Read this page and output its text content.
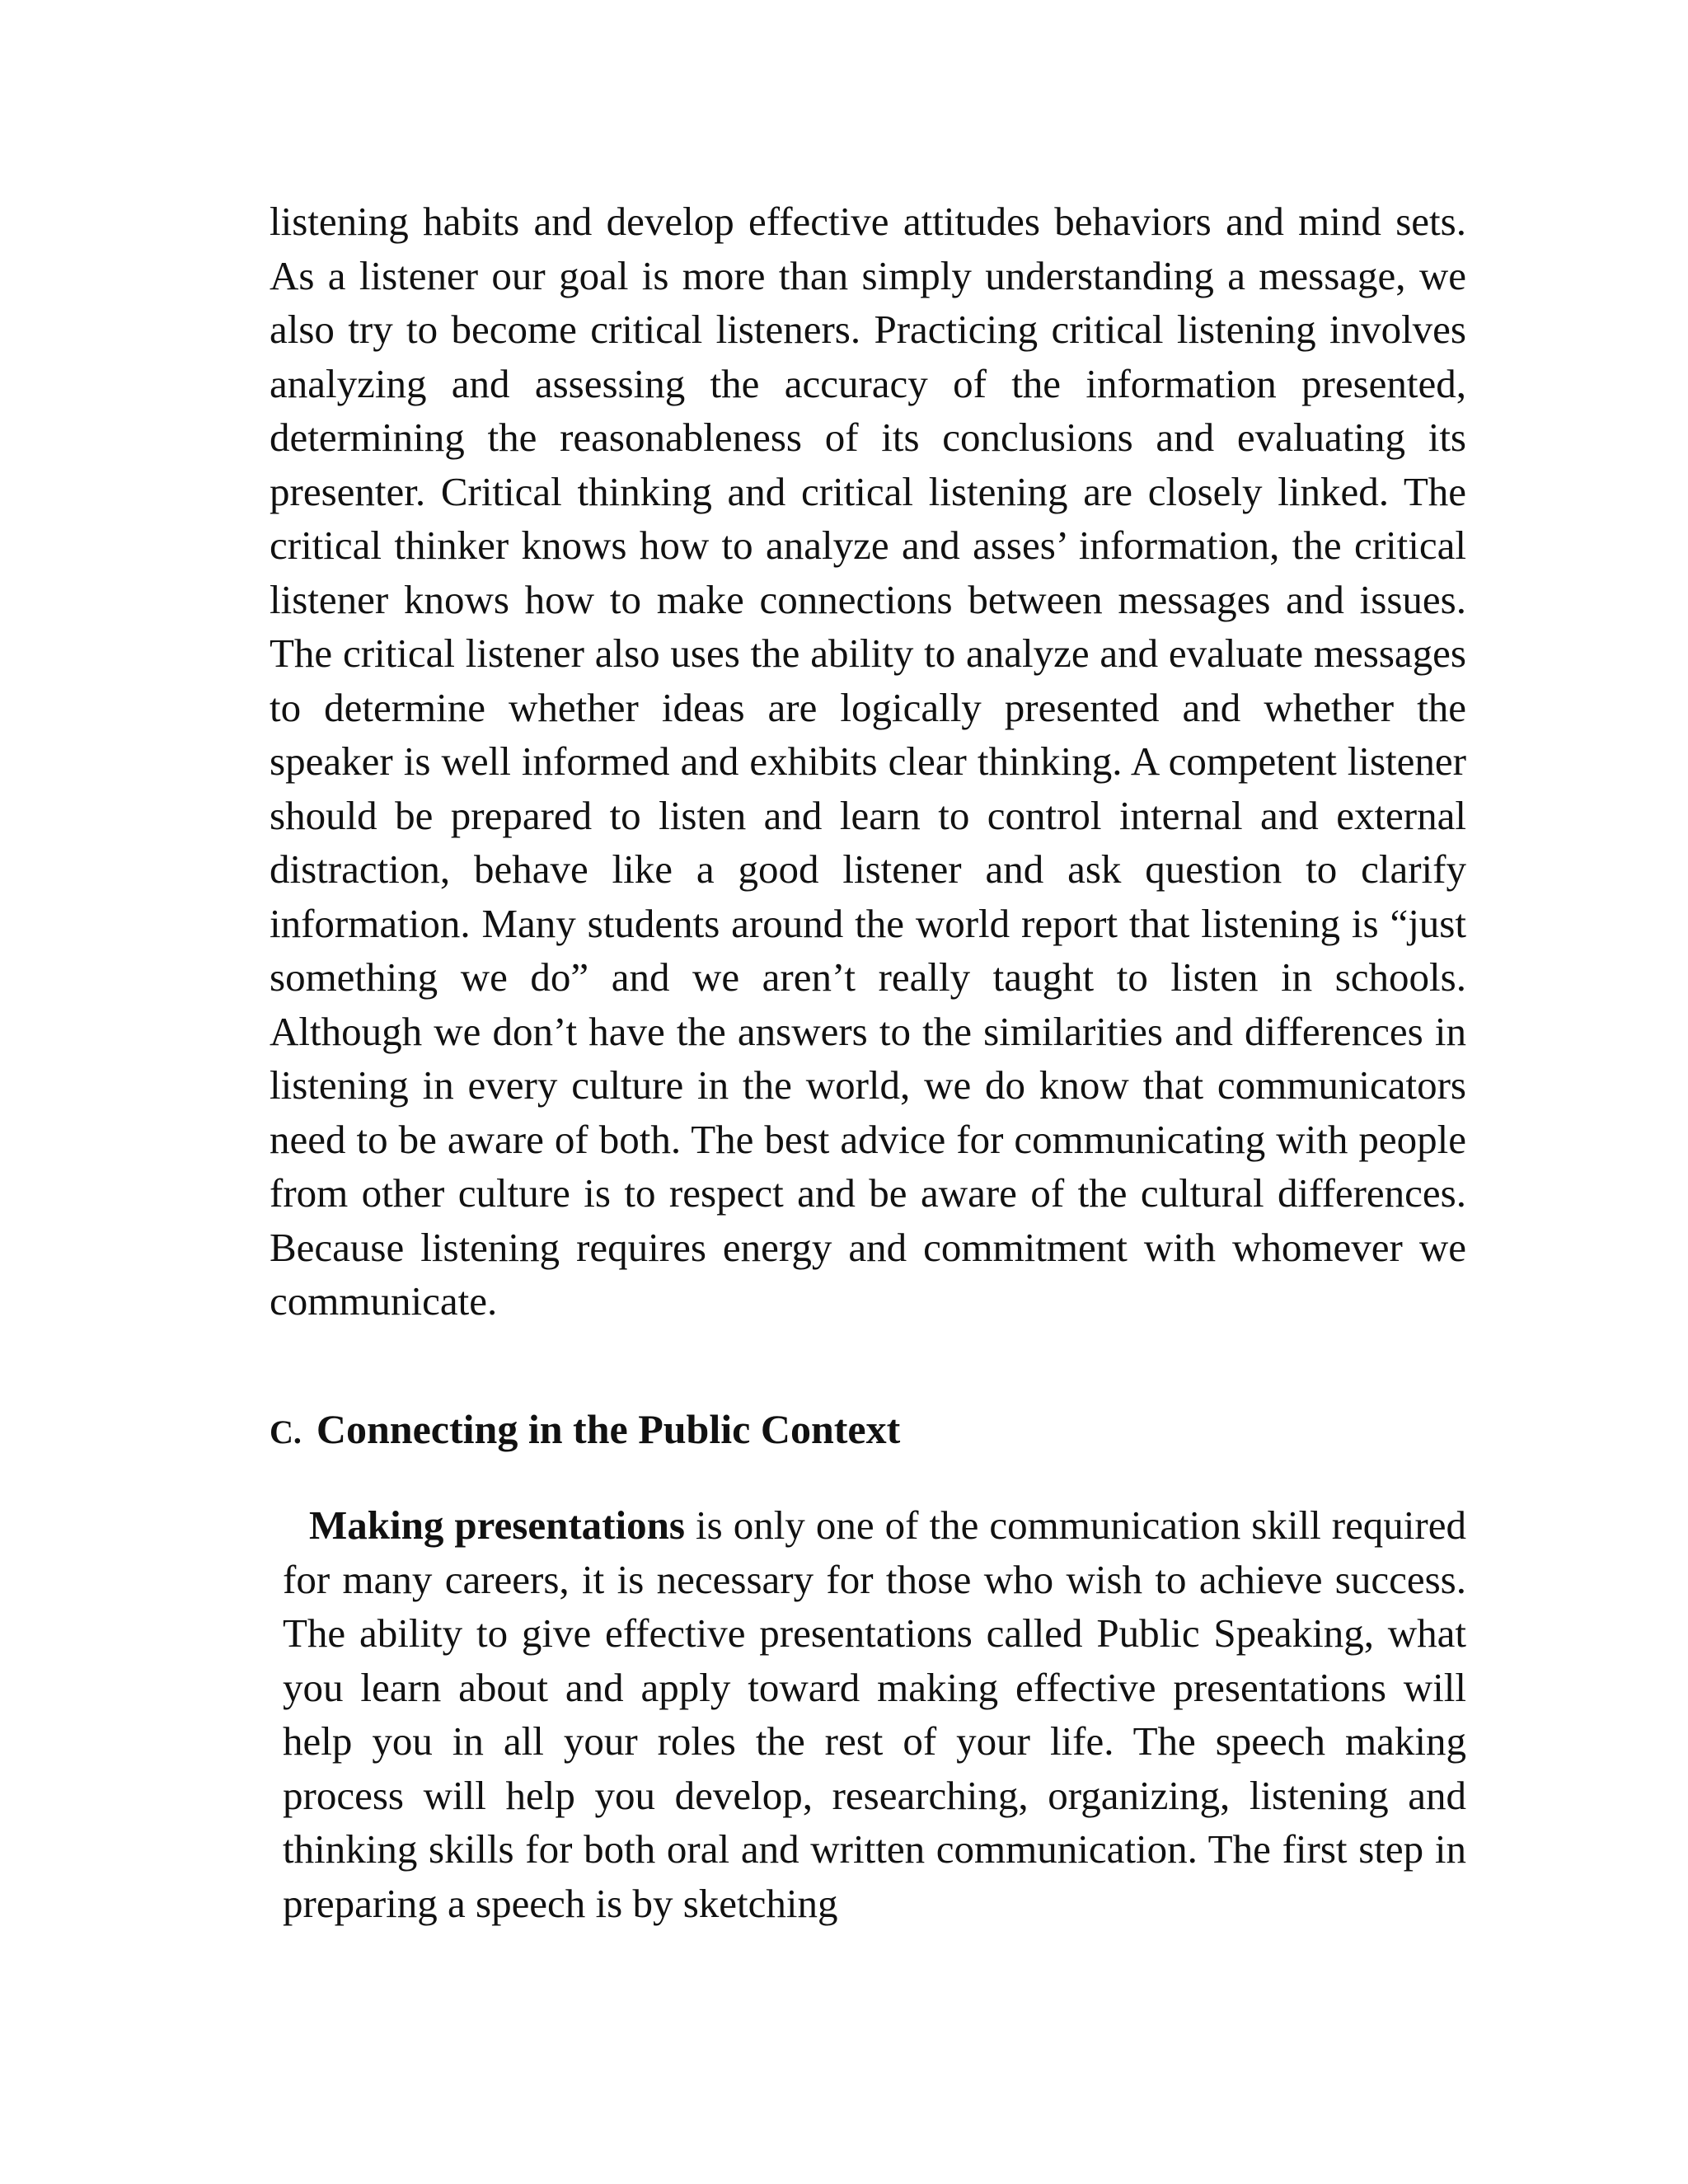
listening habits and develop effective attitudes behaviors and mind sets. As a listener our goal is more than simply understanding a message, we also try to become critical listeners. Practicing critical listening involves analyzing and assessing the accuracy of the information presented, determining the reasonableness of its conclusions and evaluating its presenter. Critical thinking and critical listening are closely linked. The critical thinker knows how to analyze and asses’ information, the critical listener knows how to make connections between messages and issues. The critical listener also uses the ability to analyze and evaluate messages to determine whether ideas are logically presented and whether the speaker is well informed and exhibits clear thinking. A competent listener should be prepared to listen and learn to control internal and external distraction, behave like a good listener and ask question to clarify information. Many students around the world report that listening is “just something we do” and we aren’t really taught to listen in schools. Although we don’t have the answers to the similarities and differences in listening in every culture in the world, we do know that communicators need to be aware of both. The best advice for communicating with people from other culture is to respect and be aware of the cultural differences. Because listening requires energy and commitment with whomever we communicate.

C. Connecting in the Public Context

Making presentations is only one of the communication skill required for many careers, it is necessary for those who wish to achieve success. The ability to give effective presentations called Public Speaking, what you learn about and apply toward making effective presentations will help you in all your roles the rest of your life. The speech making process will help you develop, researching, organizing, listening and thinking skills for both oral and written communication. The first step in preparing a speech is by sketching
